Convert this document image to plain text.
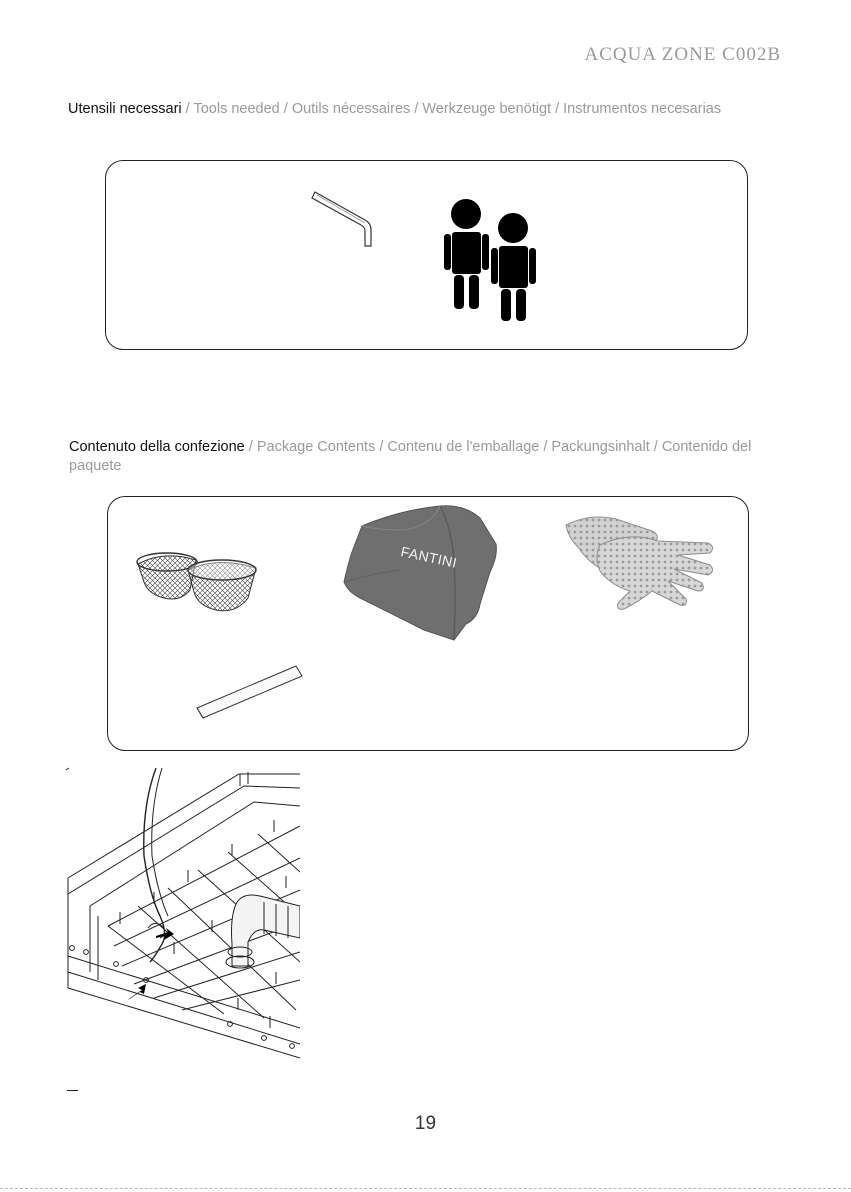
ACQUA ZONE C002B
Utensili necessari / Tools needed / Outils nécessaires / Werkzeuge benötigt / Instrumentos necesarias
Contenuto della confezione / Package Contents / Contenu de l'emballage / Packungsinhalt / Contenido del paquete
FANTINI
19
